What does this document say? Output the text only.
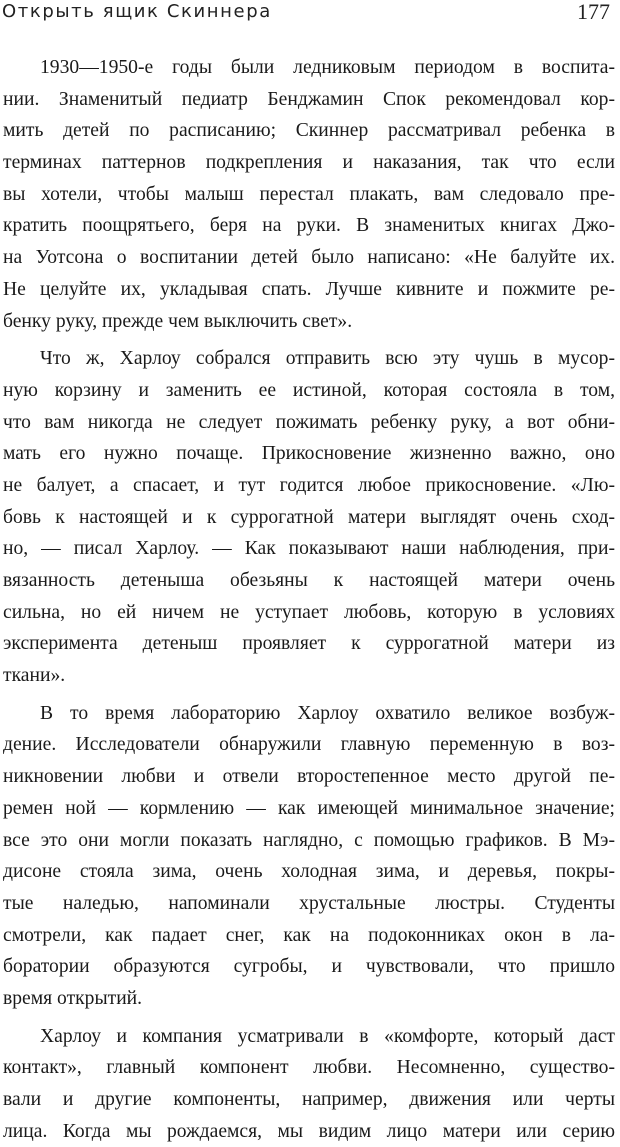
Открыть ящик Скиннера	177
1930—1950-е годы были ледниковым периодом в воспита-
нии. Знаменитый педиатр Бенджамин Спок рекомендовал кор-
мить детей по расписанию; Скиннер рассматривал ребенка в
терминах паттернов подкрепления и наказания, так что если
вы хотели, чтобы малыш перестал плакать, вам следовало пре-
кратить поощрятьего, беря на руки. В знаменитых книгах Джо-
на Уотсона о воспитании детей было написано: «Не балуйте их.
Не целуйте их, укладывая спать. Лучше кивните и пожмите ре-
бенку руку, прежде чем выключить свет».
Что ж, Харлоу собрался отправить всю эту чушь в мусор-
ную корзину и заменить ее истиной, которая состояла в том,
что вам никогда не следует пожимать ребенку руку, а вот обни-
мать его нужно почаще. Прикосновение жизненно важно, оно
не балует, а спасает, и тут годится любое прикосновение. «Лю-
бовь к настоящей и к суррогатной матери выглядят очень сход-
но, — писал Харлоу. — Как показывают наши наблюдения, при-
вязанность детеныша обезьяны к настоящей матери очень
сильна, но ей ничем не уступает любовь, которую в условиях
эксперимента детеныш проявляет к суррогатной матери из
ткани».
В то время лабораторию Харлоу охватило великое возбуж-
дение. Исследователи обнаружили главную переменную в воз-
никновении любви и отвели второстепенное место другой пе-
ремен ной — кормлению — как имеющей минимальное значение;
все это они могли показать наглядно, с помощью графиков. В Мэ-
дисоне стояла зима, очень холодная зима, и деревья, покры-
тые наледью, напоминали хрустальные люстры. Студенты
смотрели, как падает снег, как на подоконниках окон в ла-
боратории образуются сугробы, и чувствовали, что пришло
время открытий.
Харлоу и компания усматривали в «комфорте, который даст
контакт», главный компонент любви. Несомненно, существо-
вали и другие компоненты, например, движения или черты
лица. Когда мы рождаемся, мы видим лицо матери или серию
